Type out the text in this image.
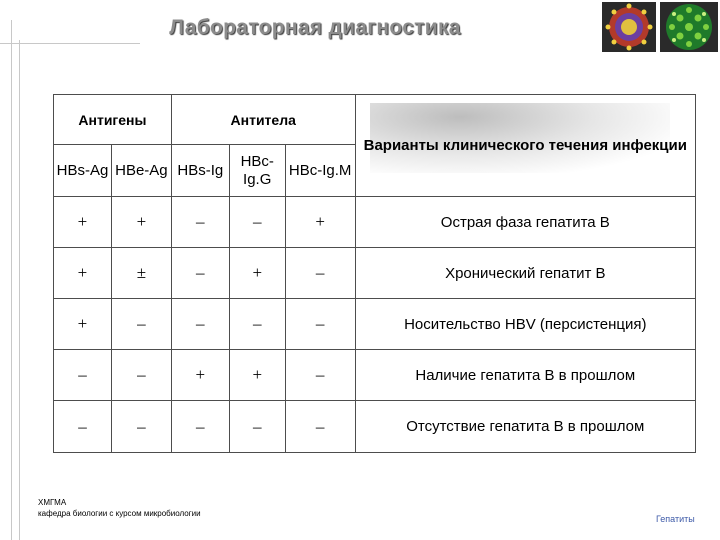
Лабораторная диагностика
Антигены		Антитела			Варианты клинического течения инфекции
HBs-Ag	HBe-Ag	HBs-Ig	HBc-Ig.G	HBc-Ig.M	
+	+	–	–	+	Острая фаза гепатита В
+	±	–	+	–	Хронический гепатит В
+	–	–	–	–	Носительство HBV (персистенция)
–	–	+	+	–	Наличие гепатита В в прошлом
–	–	–	–	–	Отсутствие гепатита В в прошлом
ХМГМА
кафедра биологии с курсом микробиологии
Гепатиты
